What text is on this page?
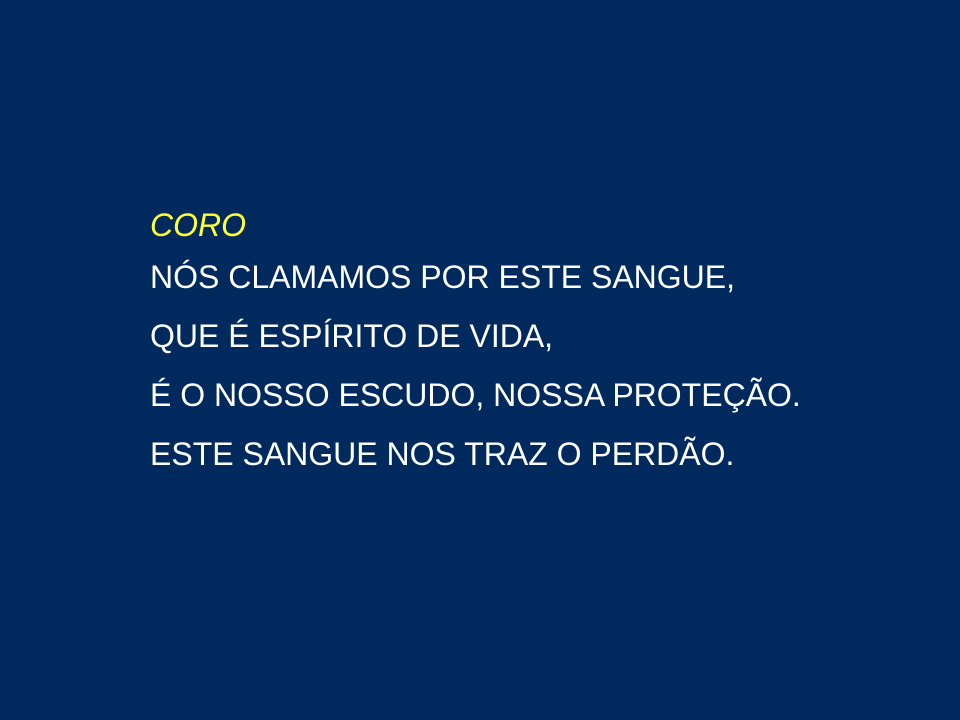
CORO
NÓS CLAMAMOS POR ESTE SANGUE,
QUE É ESPÍRITO DE VIDA,
É O NOSSO ESCUDO, NOSSA PROTEÇÃO.
ESTE SANGUE NOS TRAZ O PERDÃO.
